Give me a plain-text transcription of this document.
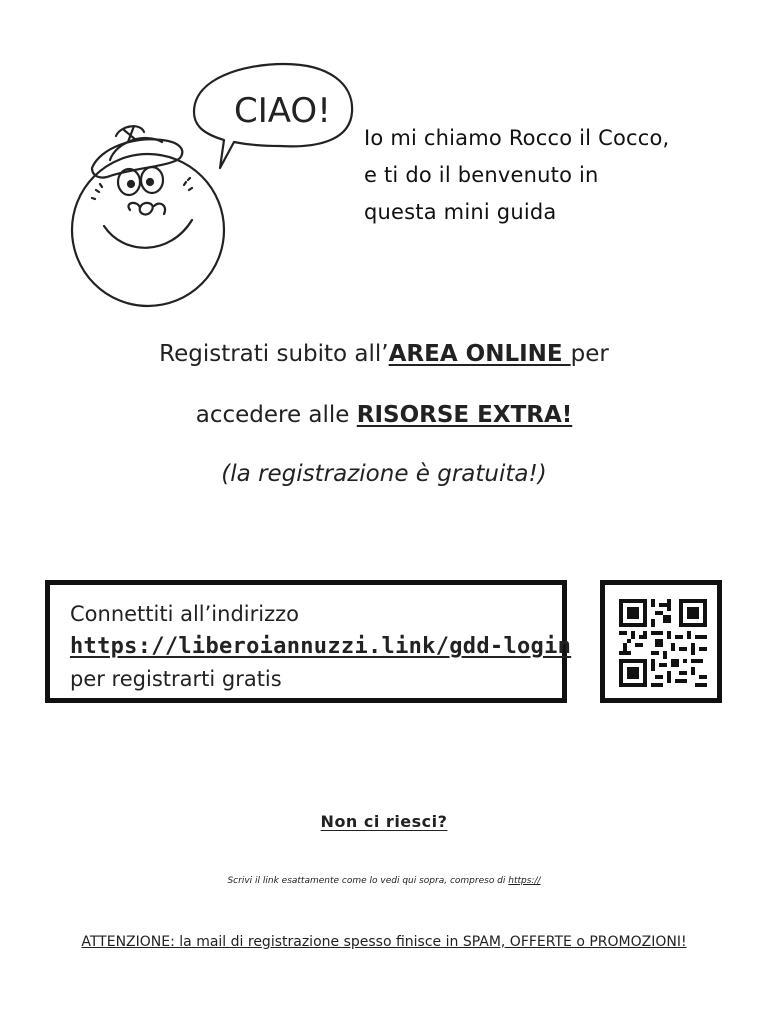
CIAO!
Io mi chiamo Rocco il Cocco,
e ti do il benvenuto in
questa mini guida
Registrati subito all’AREA ONLINE per
accedere alle RISORSE EXTRA!
(la registrazione è gratuita!)
Connettiti all’indirizzo
https://liberoiannuzzi.link/gdd-login
per registrarti gratis
Non ci riesci?
Scrivi il link esattamente come lo vedi qui sopra, compreso di https://
ATTENZIONE: la mail di registrazione spesso finisce in SPAM, OFFERTE o PROMOZIONI!
